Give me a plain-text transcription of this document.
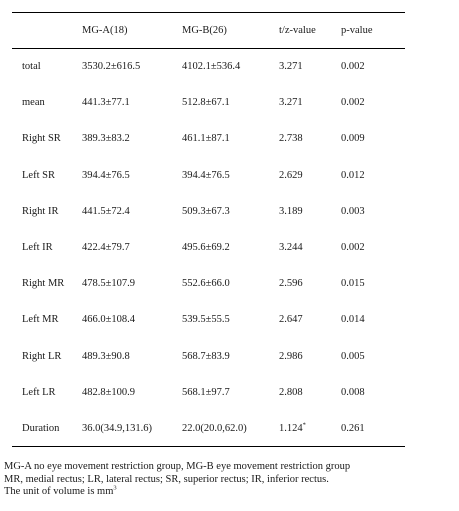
	MG-A(18)	MG-B(26)	t/z-value	p-value
total	3530.2±616.5	4102.1±536.4	3.271	0.002
mean	441.3±77.1	512.8±67.1	3.271	0.002
Right SR	389.3±83.2	461.1±87.1	2.738	0.009
Left SR	394.4±76.5	394.4±76.5	2.629	0.012
Right IR	441.5±72.4	509.3±67.3	3.189	0.003
Left IR	422.4±79.7	495.6±69.2	3.244	0.002
Right MR	478.5±107.9	552.6±66.0	2.596	0.015
Left MR	466.0±108.4	539.5±55.5	2.647	0.014
Right LR	489.3±90.8	568.7±83.9	2.986	0.005
Left LR	482.8±100.9	568.1±97.7	2.808	0.008
Duration	36.0(34.9,131.6)	22.0(20.0,62.0)	1.124*	0.261
MG-A no eye movement restriction group, MG-B eye movement restriction group
MR, medial rectus; LR, lateral rectus; SR, superior rectus; IR, inferior rectus.
The unit of volume is $mm^3$
